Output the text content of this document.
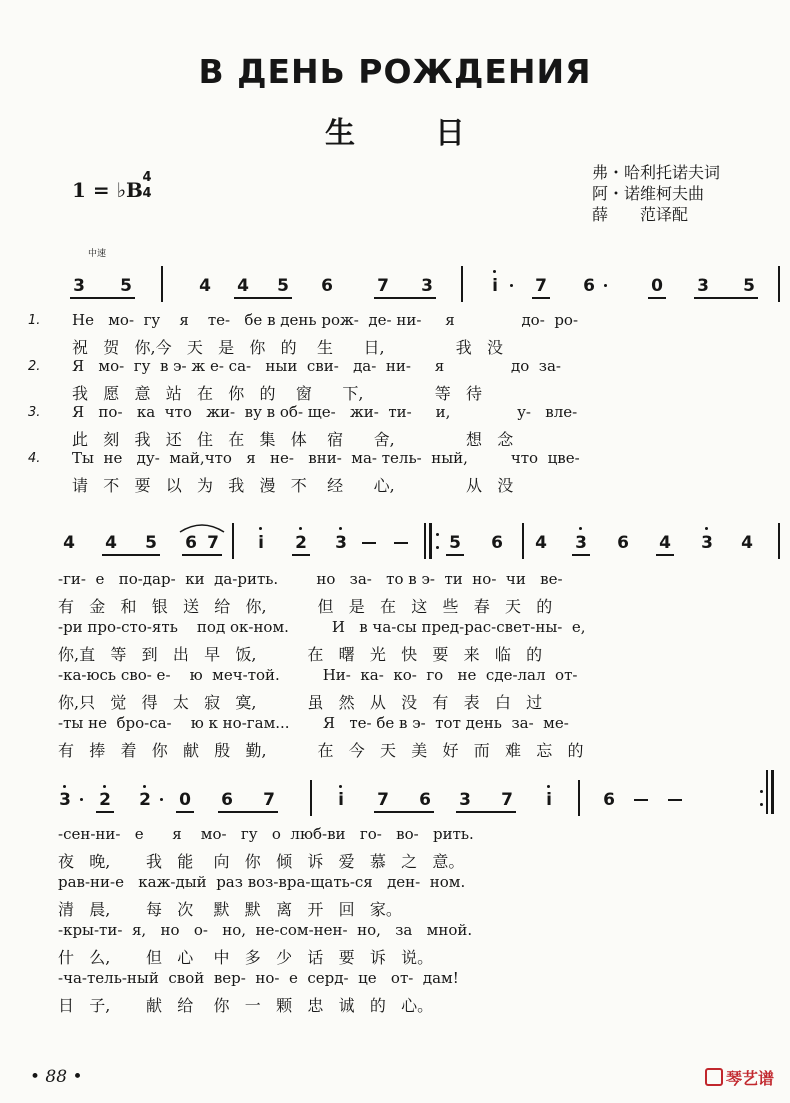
В ДЕНЬ РОЖДЕНИЯ
生日
1 = ♭B
4
4
弗・哈利托诺夫词
阿・诺维柯夫曲
薛　　范译配
中速
3 5	4 4 5 6	7 3	i	7 6	0 3 5
1. Не   мо-  гу    я    те-   бе в день рож-  де- ни-     я              до-  ро-
祝   贺   你,今   天   是   你   的    生      日,              我   没
2. Я   мо-  гу  в э- ж е- са-   ныи  сви-   да-  ни-     я              до  за-
我   愿   意   站   在   你   的    窗      下,              等   待
3. Я   по-   ка  что   жи-  ву в об- ще-   жи-  ти-     и,              у-   вле-
此   刻   我   还   住   在   集   体    宿      舍,              想   念
4. Ты  не   ду-  май,что   я   не-   вни-  ма- тель-  ный,         что  цве-
请   不   要   以   为   我   漫   不    经      心,              从   没
4 4 5 6 7	i	2 3	5 6 4 3 6 4 3 4
-ги-  е   по-дар-  ки  да-рить.        но   за-   то в э-  ти  но-  чи   ве-
有   金   和   银   送   给   你,          但   是   在   这   些   春   天   的
-ри про-сто-ять    под ок-ном.         И   в ча-сы пред-рас-свет-ны-  е,
你,直   等   到   出   早   饭,          在   曙   光   快   要   来   临   的
-ка-юсь сво- е-    ю  меч-той.         Ни-  ка-  ко-  го   не  сде-лал  от-
你,只   觉   得   太   寂   寞,          虽   然   从   没   有   表   白   过
-ты не  бро-са-    ю к но-гам...       Я   те- бе в э-  тот день  за-  ме-
有   捧   着   你   献   殷   勤,          在   今   天   美   好   而   难   忘   的
3 2 2 0 6 7	i	7 6 3 7	i	6
-сен-ни-   е      я    мо-   гу   о  люб-ви   го-   во-   рить.
夜   晚,       我   能    向   你   倾   诉   爱   慕   之   意。
рав-ни-е   каж-дый  раз воз-вра-щать-ся   ден-  ном.
清   晨,       每   次    默   默   离   开   回   家。
-кры-ти-  я,   но   о-   но,  не-сом-нен-  но,   за   мной.
什   么,       但   心    中   多   少   话   要   诉   说。
-ча-тель-ный  свой  вер-  но-  е  серд-  це   от-  дам!
日   子,       献   给    你   一   颗   忠   诚   的   心。
• 88 •	琴艺谱
